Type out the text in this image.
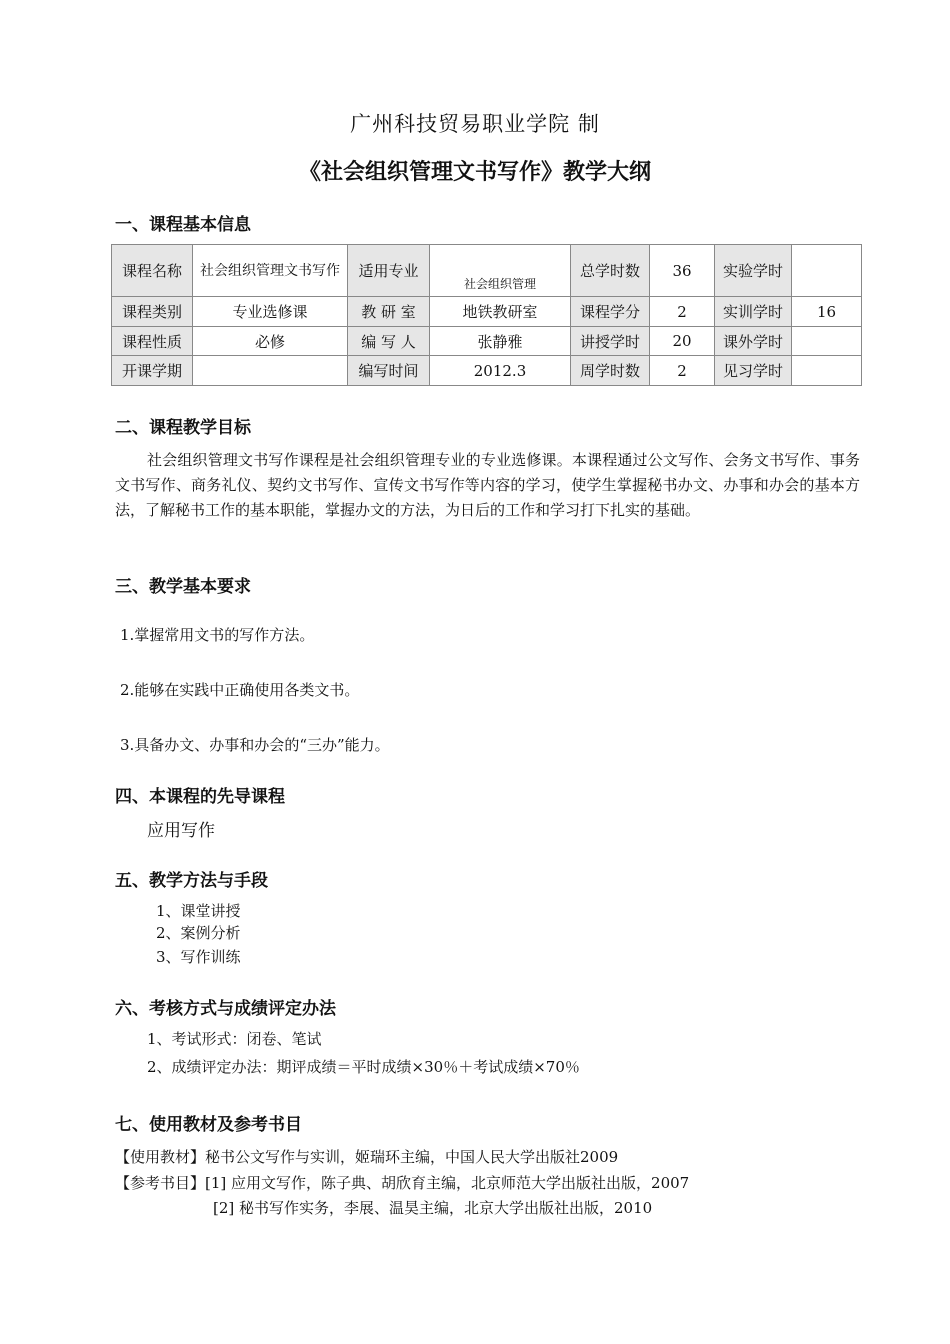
广州科技贸易职业学院 制
《社会组织管理文书写作》教学大纲
一、课程基本信息
课程名称	社会组织管理文书写作	适用专业	社会组织管理	总学时数	36	实验学时	
课程类别	专业选修课	教 研 室	地铁教研室	课程学分	2	实训学时	16
课程性质	必修	编 写 人	张静雅	讲授学时	20	课外学时	
开课学期		编写时间	2012.3	周学时数	2	见习学时	
二、课程教学目标
社会组织管理文书写作课程是社会组织管理专业的专业选修课。本课程通过公文写作、会务文书写作、事务文书写作、商务礼仪、契约文书写作、宣传文书写作等内容的学习，使学生掌握秘书办文、办事和办会的基本方法，了解秘书工作的基本职能，掌握办文的方法，为日后的工作和学习打下扎实的基础。
三、教学基本要求
1.掌握常用文书的写作方法。
2.能够在实践中正确使用各类文书。
3.具备办文、办事和办会的“三办”能力。
四、本课程的先导课程
应用写作
五、教学方法与手段
1、课堂讲授
2、案例分析
3、写作训练
六、考核方式与成绩评定办法
1、考试形式：闭卷、笔试
2、成绩评定办法：期评成绩＝平时成绩×30％＋考试成绩×70％
七、使用教材及参考书目
【使用教材】秘书公文写作与实训，姬瑞环主编，中国人民大学出版社2009
【参考书目】[1] 应用文写作，陈子典、胡欣育主编，北京师范大学出版社出版，2007
[2] 秘书写作实务，李展、温昊主编，北京大学出版社出版，2010
